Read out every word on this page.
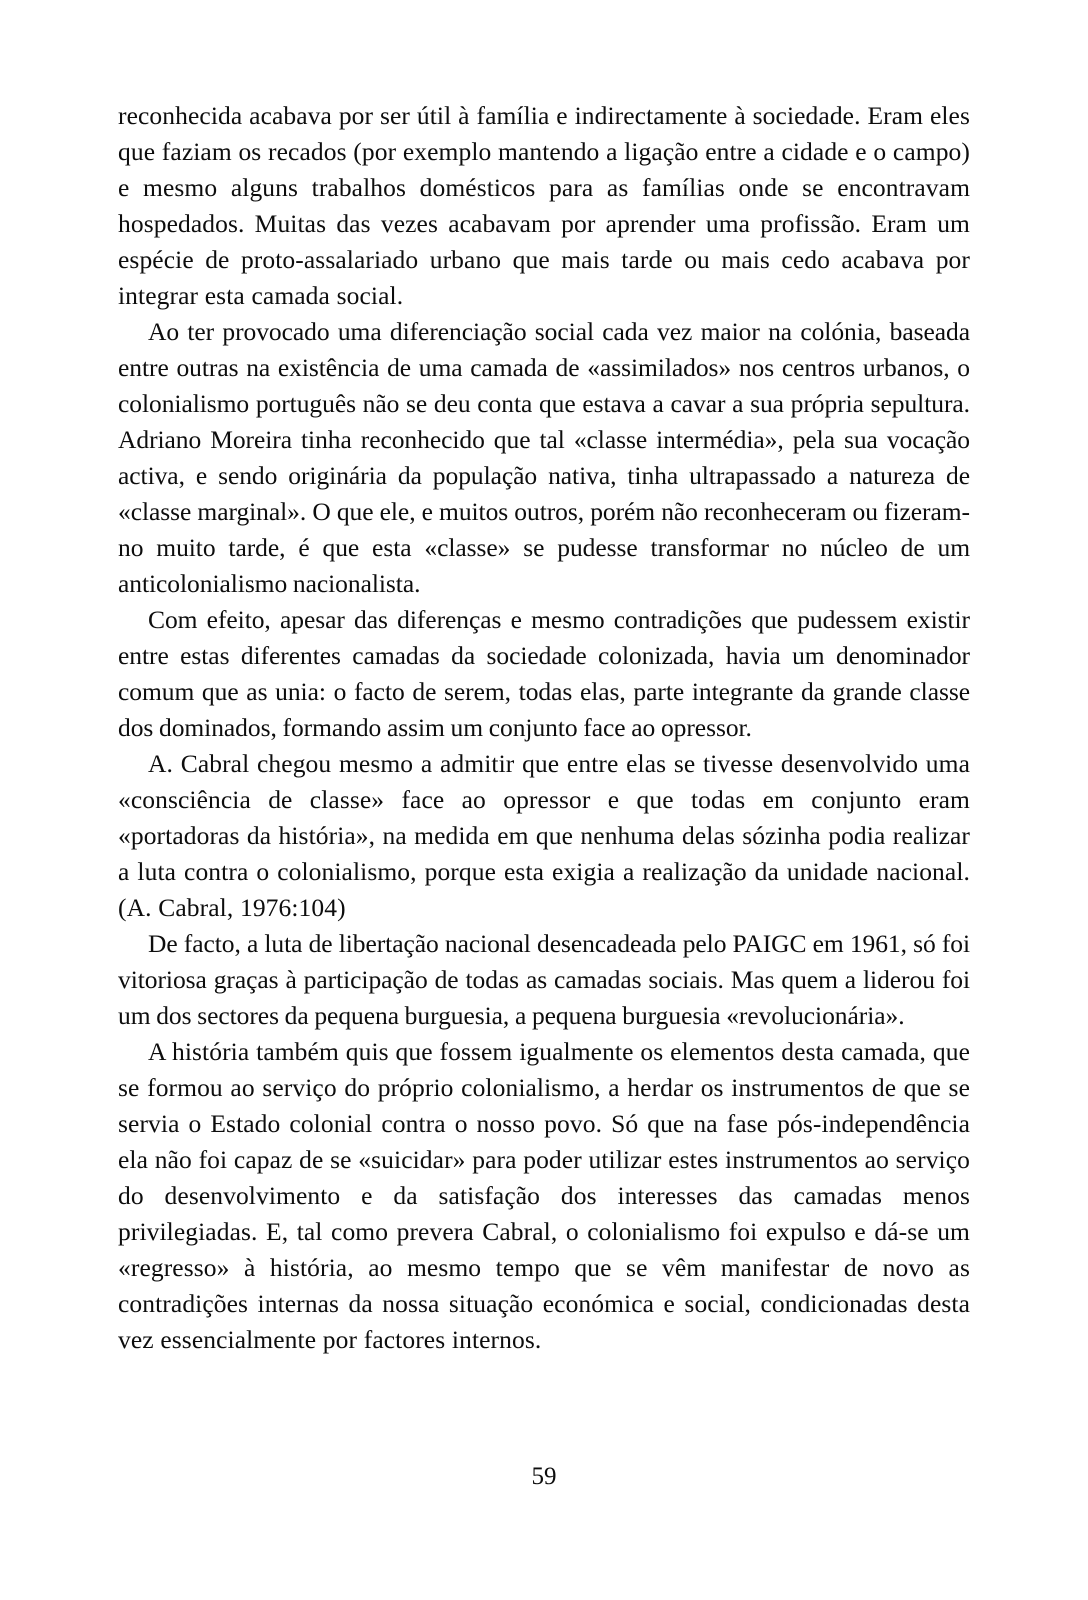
reconhecida acabava por ser útil à família e indirectamente à sociedade. Eram eles que faziam os recados (por exemplo mantendo a ligação entre a cidade e o campo) e mesmo alguns trabalhos domésticos para as famílias onde se encontravam hospedados. Muitas das vezes acabavam por aprender uma profissão. Eram um espécie de proto-assalariado urbano que mais tarde ou mais cedo acabava por integrar esta camada social.

Ao ter provocado uma diferenciação social cada vez maior na colónia, baseada entre outras na existência de uma camada de «assimilados» nos centros urbanos, o colonialismo português não se deu conta que estava a cavar a sua própria sepultura. Adriano Moreira tinha reconhecido que tal «classe intermédia», pela sua vocação activa, e sendo originária da população nativa, tinha ultrapassado a natureza de «classe marginal». O que ele, e muitos outros, porém não reconheceram ou fizeram-no muito tarde, é que esta «classe» se pudesse transformar no núcleo de um anticolonialismo nacionalista.

Com efeito, apesar das diferenças e mesmo contradições que pudessem existir entre estas diferentes camadas da sociedade colonizada, havia um denominador comum que as unia: o facto de serem, todas elas, parte integrante da grande classe dos dominados, formando assim um conjunto face ao opressor.

A. Cabral chegou mesmo a admitir que entre elas se tivesse desenvolvido uma «consciência de classe» face ao opressor e que todas em conjunto eram «portadoras da história», na medida em que nenhuma delas sózinha podia realizar a luta contra o colonialismo, porque esta exigia a realização da unidade nacional. (A. Cabral, 1976:104)

De facto, a luta de libertação nacional desencadeada pelo PAIGC em 1961, só foi vitoriosa graças à participação de todas as camadas sociais. Mas quem a liderou foi um dos sectores da pequena burguesia, a pequena burguesia «revolucionária».

A história também quis que fossem igualmente os elementos desta camada, que se formou ao serviço do próprio colonialismo, a herdar os instrumentos de que se servia o Estado colonial contra o nosso povo. Só que na fase pós-independência ela não foi capaz de se «suicidar» para poder utilizar estes instrumentos ao serviço do desenvolvimento e da satisfação dos interesses das camadas menos privilegiadas. E, tal como prevera Cabral, o colonialismo foi expulso e dá-se um «regresso» à história, ao mesmo tempo que se vêm manifestar de novo as contradições internas da nossa situação económica e social, condicionadas desta vez essencialmente por factores internos.

59
